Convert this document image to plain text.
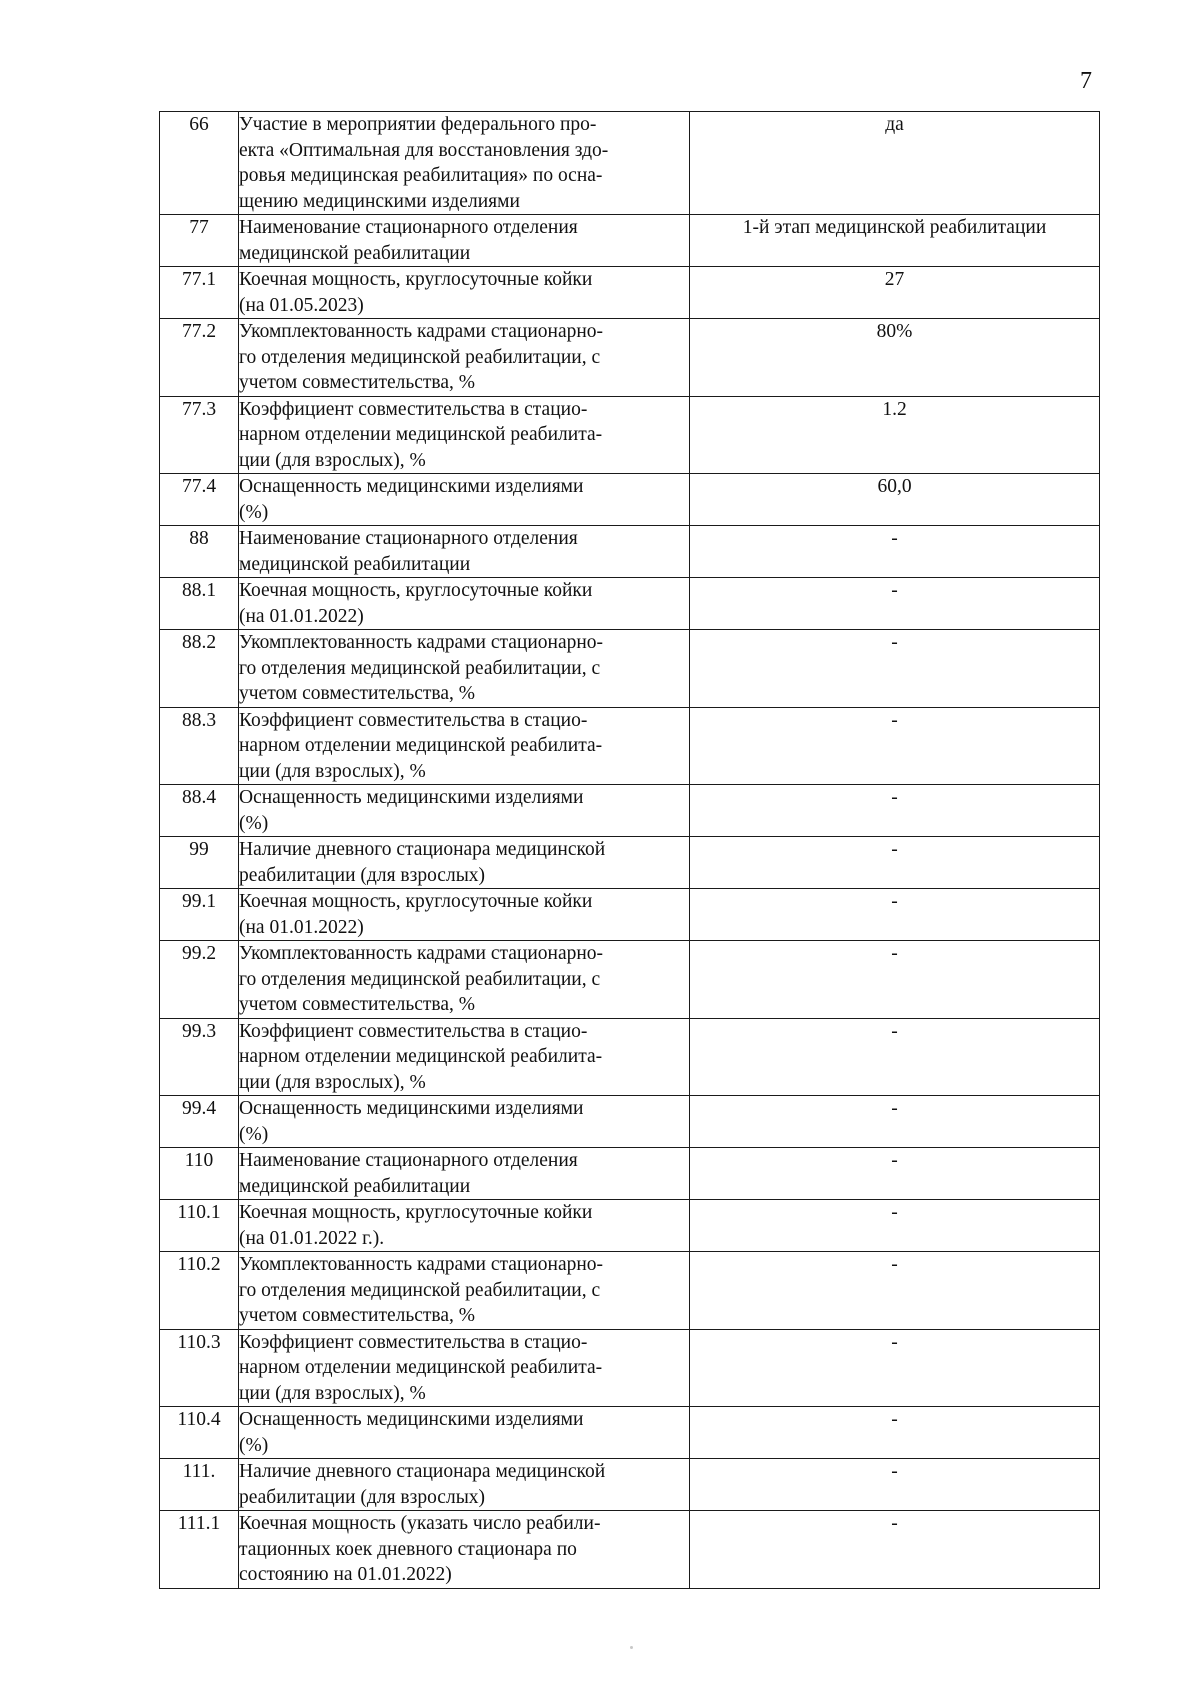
7
66	Участие в мероприятии федерального про-
екта «Оптимальная для восстановления здо-
ровья медицинская реабилитация» по осна-
щению медицинскими изделиями	да
77	Наименование стационарного отделения
медицинской реабилитации	1-й этап медицинской реабилитации
77.1	Коечная мощность, круглосуточные койки
(на 01.05.2023)	27
77.2	Укомплектованность кадрами стационарно-
го отделения медицинской реабилитации, с
учетом совместительства, %	80%
77.3	Коэффициент совместительства в стацио-
нарном отделении медицинской реабилита-
ции (для взрослых), %	1.2
77.4	Оснащенность медицинскими изделиями
(%)	60,0
88	Наименование стационарного отделения
медицинской реабилитации	-
88.1	Коечная мощность, круглосуточные койки
(на 01.01.2022)	-
88.2	Укомплектованность кадрами стационарно-
го отделения медицинской реабилитации, с
учетом совместительства, %	-
88.3	Коэффициент совместительства в стацио-
нарном отделении медицинской реабилита-
ции (для взрослых), %	-
88.4	Оснащенность медицинскими изделиями
(%)	-
99	Наличие дневного стационара медицинской
реабилитации (для взрослых)	-
99.1	Коечная мощность, круглосуточные койки
(на 01.01.2022)	-
99.2	Укомплектованность кадрами стационарно-
го отделения медицинской реабилитации, с
учетом совместительства, %	-
99.3	Коэффициент совместительства в стацио-
нарном отделении медицинской реабилита-
ции (для взрослых), %	-
99.4	Оснащенность медицинскими изделиями
(%)	-
110	Наименование стационарного отделения
медицинской реабилитации	-
110.1	Коечная мощность, круглосуточные койки
(на 01.01.2022 г.).	-
110.2	Укомплектованность кадрами стационарно-
го отделения медицинской реабилитации, с
учетом совместительства, %	-
110.3	Коэффициент совместительства в стацио-
нарном отделении медицинской реабилита-
ции (для взрослых), %	-
110.4	Оснащенность медицинскими изделиями
(%)	-
111.	Наличие дневного стационара медицинской
реабилитации (для взрослых)	-
111.1	Коечная мощность (указать число реабили-
тационных коек дневного стационара по
состоянию на 01.01.2022)	-
